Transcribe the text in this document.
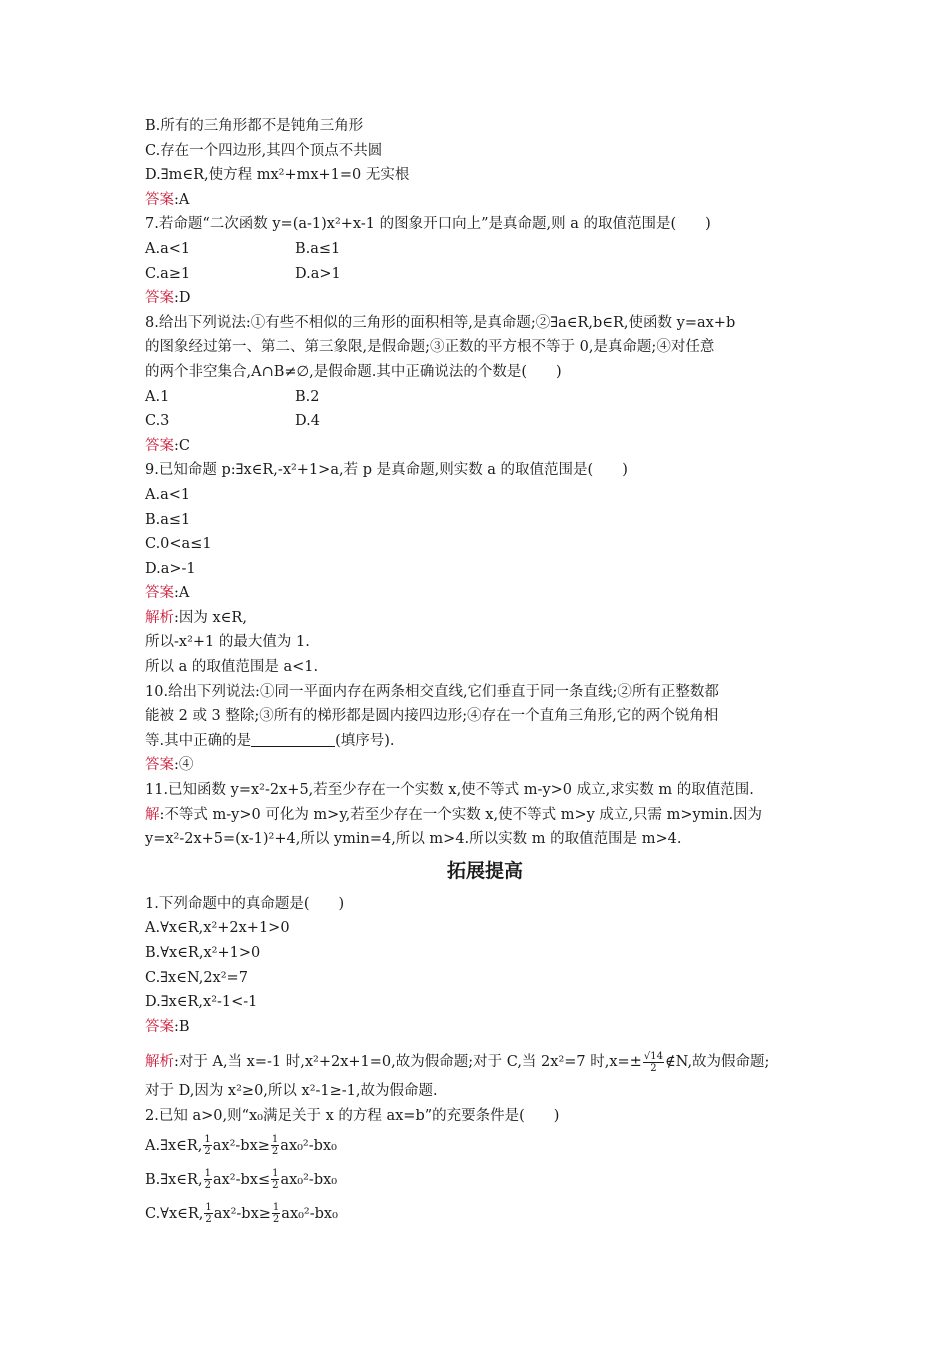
B.所有的三角形都不是钝角三角形
C.存在一个四边形,其四个顶点不共圆
D.∃m∈R,使方程 mx²+mx+1=0 无实根
答案:A
7.若命题“二次函数 y=(a-1)x²+x-1 的图象开口向上”是真命题,则 a 的取值范围是(　　)
A.a<1	B.a≤1
C.a≥1	D.a>1
答案:D
8.给出下列说法:①有些不相似的三角形的面积相等,是真命题;②∃a∈R,b∈R,使函数 y=ax+b
的图象经过第一、第二、第三象限,是假命题;③正数的平方根不等于 0,是真命题;④对任意
的两个非空集合,A∩B≠∅,是假命题.其中正确说法的个数是(　　)
A.1	B.2
C.3	D.4
答案:C
9.已知命题 p:∃x∈R,-x²+1>a,若 p 是真命题,则实数 a 的取值范围是(　　)
A.a<1
B.a≤1
C.0<a≤1
D.a>-1
答案:A
解析:因为 x∈R,
所以-x²+1 的最大值为 1.
所以 a 的取值范围是 a<1.
10.给出下列说法:①同一平面内存在两条相交直线,它们垂直于同一条直线;②所有正整数都
能被 2 或 3 整除;③所有的梯形都是圆内接四边形;④存在一个直角三角形,它的两个锐角相
等.其中正确的是	(填序号).
答案:④
11.已知函数 y=x²-2x+5,若至少存在一个实数 x,使不等式 m-y>0 成立,求实数 m 的取值范围.
解:不等式 m-y>0 可化为 m>y,若至少存在一个实数 x,使不等式 m>y 成立,只需 m>ymin.因为
y=x²-2x+5=(x-1)²+4,所以 ymin=4,所以 m>4.所以实数 m 的取值范围是 m>4.
拓展提高
1.下列命题中的真命题是(　　)
A.∀x∈R,x²+2x+1>0
B.∀x∈R,x²+1>0
C.∃x∈N,2x²=7
D.∃x∈R,x²-1<-1
答案:B
解析:对于 A,当 x=-1 时,x²+2x+1=0,故为假命题;对于 C,当 2x²=7 时$,x=\pm \frac{√14}{2}$ ∉N,故为假命题;
对于 D,因为 x²≥0,所以 x²-1≥-1,故为假命题.
2.已知 a>0,则“x₀满足关于 x 的方程 ax=b”的充要条件是(　　)
A.∃x∈R, $\frac{1}{2} ax^2-bx\ge \frac{1}{2} ax_0^2-bx_0$
B.∃x∈R, $\frac{1}{2} ax^2-bx\le \frac{1}{2} ax_0^2-bx_0$
C.∀x∈R, $\frac{1}{2} ax^2-bx\ge \frac{1}{2} ax_0^2-bx_0$
